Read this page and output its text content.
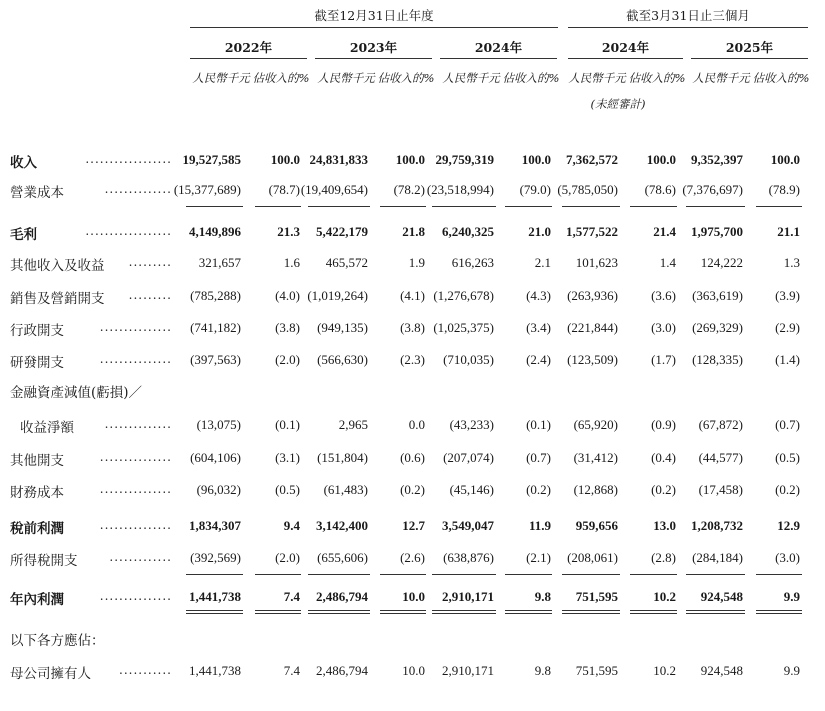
截至12月31日止年度	截至3月31日止三個月
2022年	2023年	2024年	2024年	2025年
人民幣千元 佔收入的% 人民幣千元 佔收入的% 人民幣千元 佔收入的% 人民幣千元 佔收入的% 人民幣千元 佔收入的%
(未經審計)
收入	.................. 19,527,585 100.0 24,831,833 100.0 29,759,319 100.0 7,362,572 100.0 9,352,397 100.0
營業成本	.............. (15,377,689) (78.7) (19,409,654) (78.2) (23,518,994) (79.0) (5,785,050) (78.6) (7,376,697) (78.9)
毛利	.................. 4,149,896	21.3 5,422,179	21.8 6,240,325	21.0 1,577,522	21.4 1,975,700	21.1
其他收入及收益 ......... 321,657	1.6 465,572	1.9 616,263	2.1 101,623	1.4 124,222	1.3
銷售及營銷開支 ......... (785,288)	(4.0) (1,019,264) (4.1) (1,276,678) (4.3) (263,936)	(3.6) (363,619) (3.9)
行政開支	............... (741,182)	(3.8) (949,135) (3.8) (1,025,375) (3.4) (221,844)	(3.0) (269,329) (2.9)
研發開支	............... (397,563)	(2.0) (566,630) (2.3) (710,035) (2.4) (123,509)	(1.7) (128,335) (1.4)
金融資產減值(虧損)／
收益淨額	.............. (13,075)	(0.1)	2,965	0.0 (43,233) (0.1) (65,920)	(0.9) (67,872) (0.7)
其他開支	............... (604,106)	(3.1) (151,804) (0.6) (207,074) (0.7) (31,412)	(0.4) (44,577) (0.5)
財務成本	............... (96,032)	(0.5) (61,483) (0.2) (45,146) (0.2) (12,868)	(0.2) (17,458) (0.2)
稅前利潤	............... 1,834,307	9.4 3,142,400	12.7 3,549,047	11.9 959,656	13.0 1,208,732	12.9
所得稅開支	............. (392,569)	(2.0) (655,606) (2.6) (638,876) (2.1) (208,061)	(2.8) (284,184) (3.0)
年內利潤	............... 1,441,738	7.4 2,486,794	10.0 2,910,171	9.8 751,595	10.2 924,548	9.9
以下各方應佔：
母公司擁有人 ........... 1,441,738	7.4 2,486,794	10.0 2,910,171	9.8 751,595	10.2 924,548	9.9
